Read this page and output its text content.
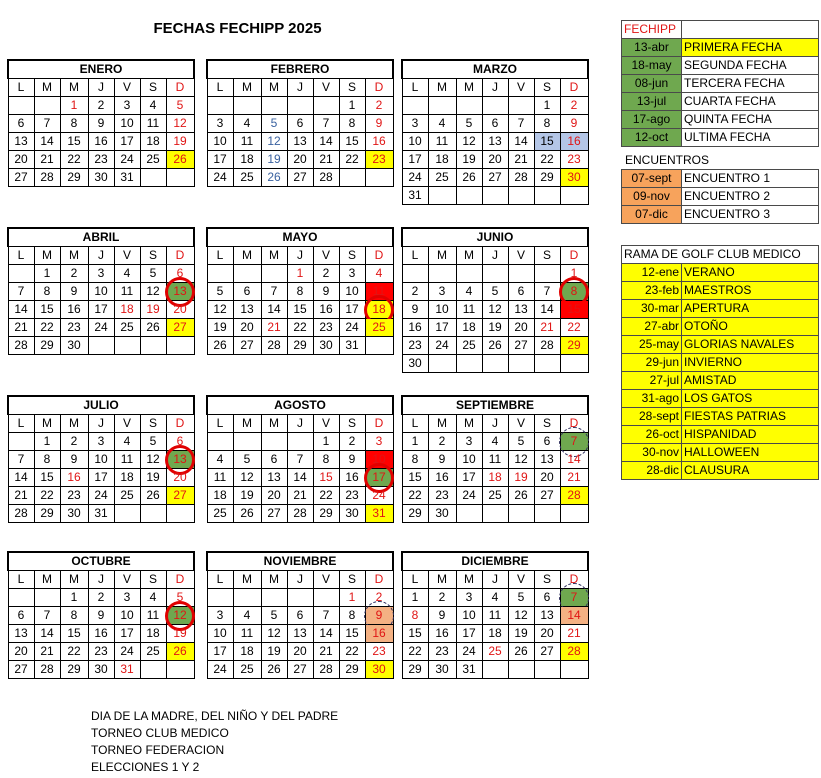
FECHAS FECHIPP 2025
ENERO						
L	M	M	J	V	S	D
		1	2	3	4	5
6	7	8	9	10	11	12
13	14	15	16	17	18	19
20	21	22	23	24	25	26
27	28	29	30	31		
FEBRERO						
L	M	M	J	V	S	D
					1	2
3	4	5	6	7	8	9
10	11	12	13	14	15	16
17	18	19	20	21	22	23
24	25	26	27	28		
MARZO						
L	M	M	J	V	S	D
					1	2
3	4	5	6	7	8	9
10	11	12	13	14	15	16
17	18	19	20	21	22	23
24	25	26	27	28	29	30
31						
ABRIL						
L	M	M	J	V	S	D
	1	2	3	4	5	6
7	8	9	10	11	12	13

14	15	16	17	18	19	20
21	22	23	24	25	26	27
28	29	30				
MAYO						
L	M	M	J	V	S	D
			1	2	3	4
5	6	7	8	9	10	11
12	13	14	15	16	17	18

19	20	21	22	23	24	25
26	27	28	29	30	31	
JUNIO						
L	M	M	J	V	S	D
						1
2	3	4	5	6	7	8

9	10	11	12	13	14	15
16	17	18	19	20	21	22
23	24	25	26	27	28	29
30						
JULIO						
L	M	M	J	V	S	D
	1	2	3	4	5	6
7	8	9	10	11	12	13

14	15	16	17	18	19	20
21	22	23	24	25	26	27
28	29	30	31			
AGOSTO						
L	M	M	J	V	S	D
				1	2	3
4	5	6	7	8	9	10
11	12	13	14	15	16	17

18	19	20	21	22	23	24
25	26	27	28	29	30	31
SEPTIEMBRE						
L	M	M	J	V	S	D
1	2	3	4	5	6	7

8	9	10	11	12	13	14
15	16	17	18	19	20	21
22	23	24	25	26	27	28
29	30					
OCTUBRE						
L	M	M	J	V	S	D
		1	2	3	4	5
6	7	8	9	10	11	12

13	14	15	16	17	18	19
20	21	22	23	24	25	26
27	28	29	30	31		
NOVIEMBRE						
L	M	M	J	V	S	D
					1	2
3	4	5	6	7	8	9

10	11	12	13	14	15	16
17	18	19	20	21	22	23
24	25	26	27	28	29	30
DICIEMBRE						
L	M	M	J	V	S	D
1	2	3	4	5	6	7

8	9	10	11	12	13	14
15	16	17	18	19	20	21
22	23	24	25	26	27	28
29	30	31				
FECHIPP	
13-abr	PRIMERA FECHA
18-may	SEGUNDA FECHA
08-jun	TERCERA FECHA
13-jul	CUARTA FECHA
17-ago	QUINTA FECHA
12-oct	ULTIMA FECHA
ENCUENTROS
07-sept	ENCUENTRO 1
09-nov	ENCUENTRO 2
07-dic	ENCUENTRO 3
RAMA DE GOLF CLUB MEDICO	
12-ene	VERANO
23-feb	MAESTROS
30-mar	APERTURA
27-abr	OTOÑO
25-may	GLORIAS NAVALES
29-jun	INVIERNO
27-jul	AMISTAD
31-ago	LOS GATOS
28-sept	FIESTAS PATRIAS
26-oct	HISPANIDAD
30-nov	HALLOWEEN
28-dic	CLAUSURA
DIA DE LA MADRE, DEL NIÑO Y DEL PADRE
TORNEO CLUB MEDICO
TORNEO FEDERACION
ELECCIONES 1 Y 2
